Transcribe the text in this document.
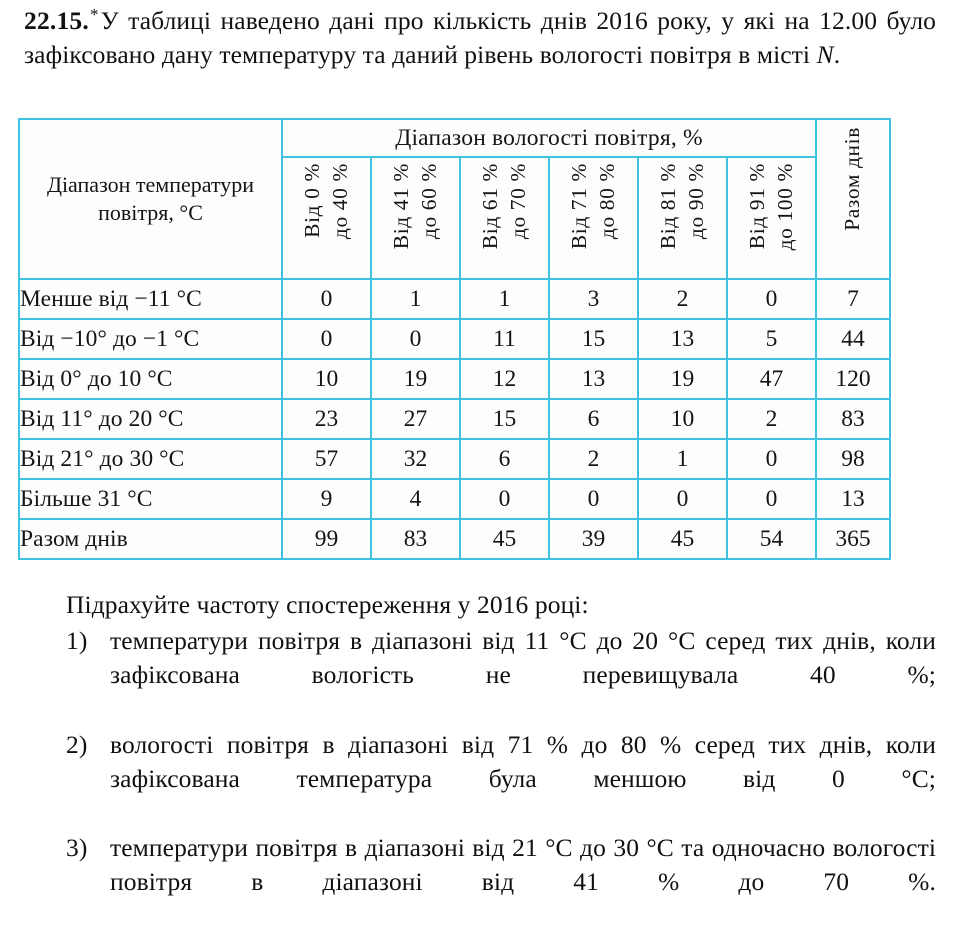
22.15.*У таблиці наведено дані про кількість днів 2016 року, у які на 12.00 було зафіксовано дану температуру та даний рівень вологості повітря в місті N.
Діапазон температури повітря, °C	Діапазон вологості повітря, %						Разом днів

	Від 0 % до 40 %	Від 41 % до 60 %	Від 61 % до 70 %	Від 71 % до 80 %	Від 81 % до 90 %	Від 91 % до 100 %	

Менше від −11 °C	0	1	1	3	2	0	7
Від −10° до −1 °C	0	0	11	15	13	5	44
Від 0° до 10 °C	10	19	12	13	19	47	120
Від 11° до 20 °C	23	27	15	6	10	2	83
Від 21° до 30 °C	57	32	6	2	1	0	98
Більше 31 °C	9	4	0	0	0	0	13
Разом днів	99	83	45	39	45	54	365
Підрахуйте частоту спостереження у 2016 році:
1) температури повітря в діапазоні від 11 °C до 20 °C серед тих днів, коли зафіксована вологість не перевищувала 40 %;
2) вологості повітря в діапазоні від 71 % до 80 % серед тих днів, коли зафіксована температура була меншою від 0 °C;
3) температури повітря в діапазоні від 21 °C до 30 °C та одночасно вологості повітря в діапазоні від 41 % до 70 %.
